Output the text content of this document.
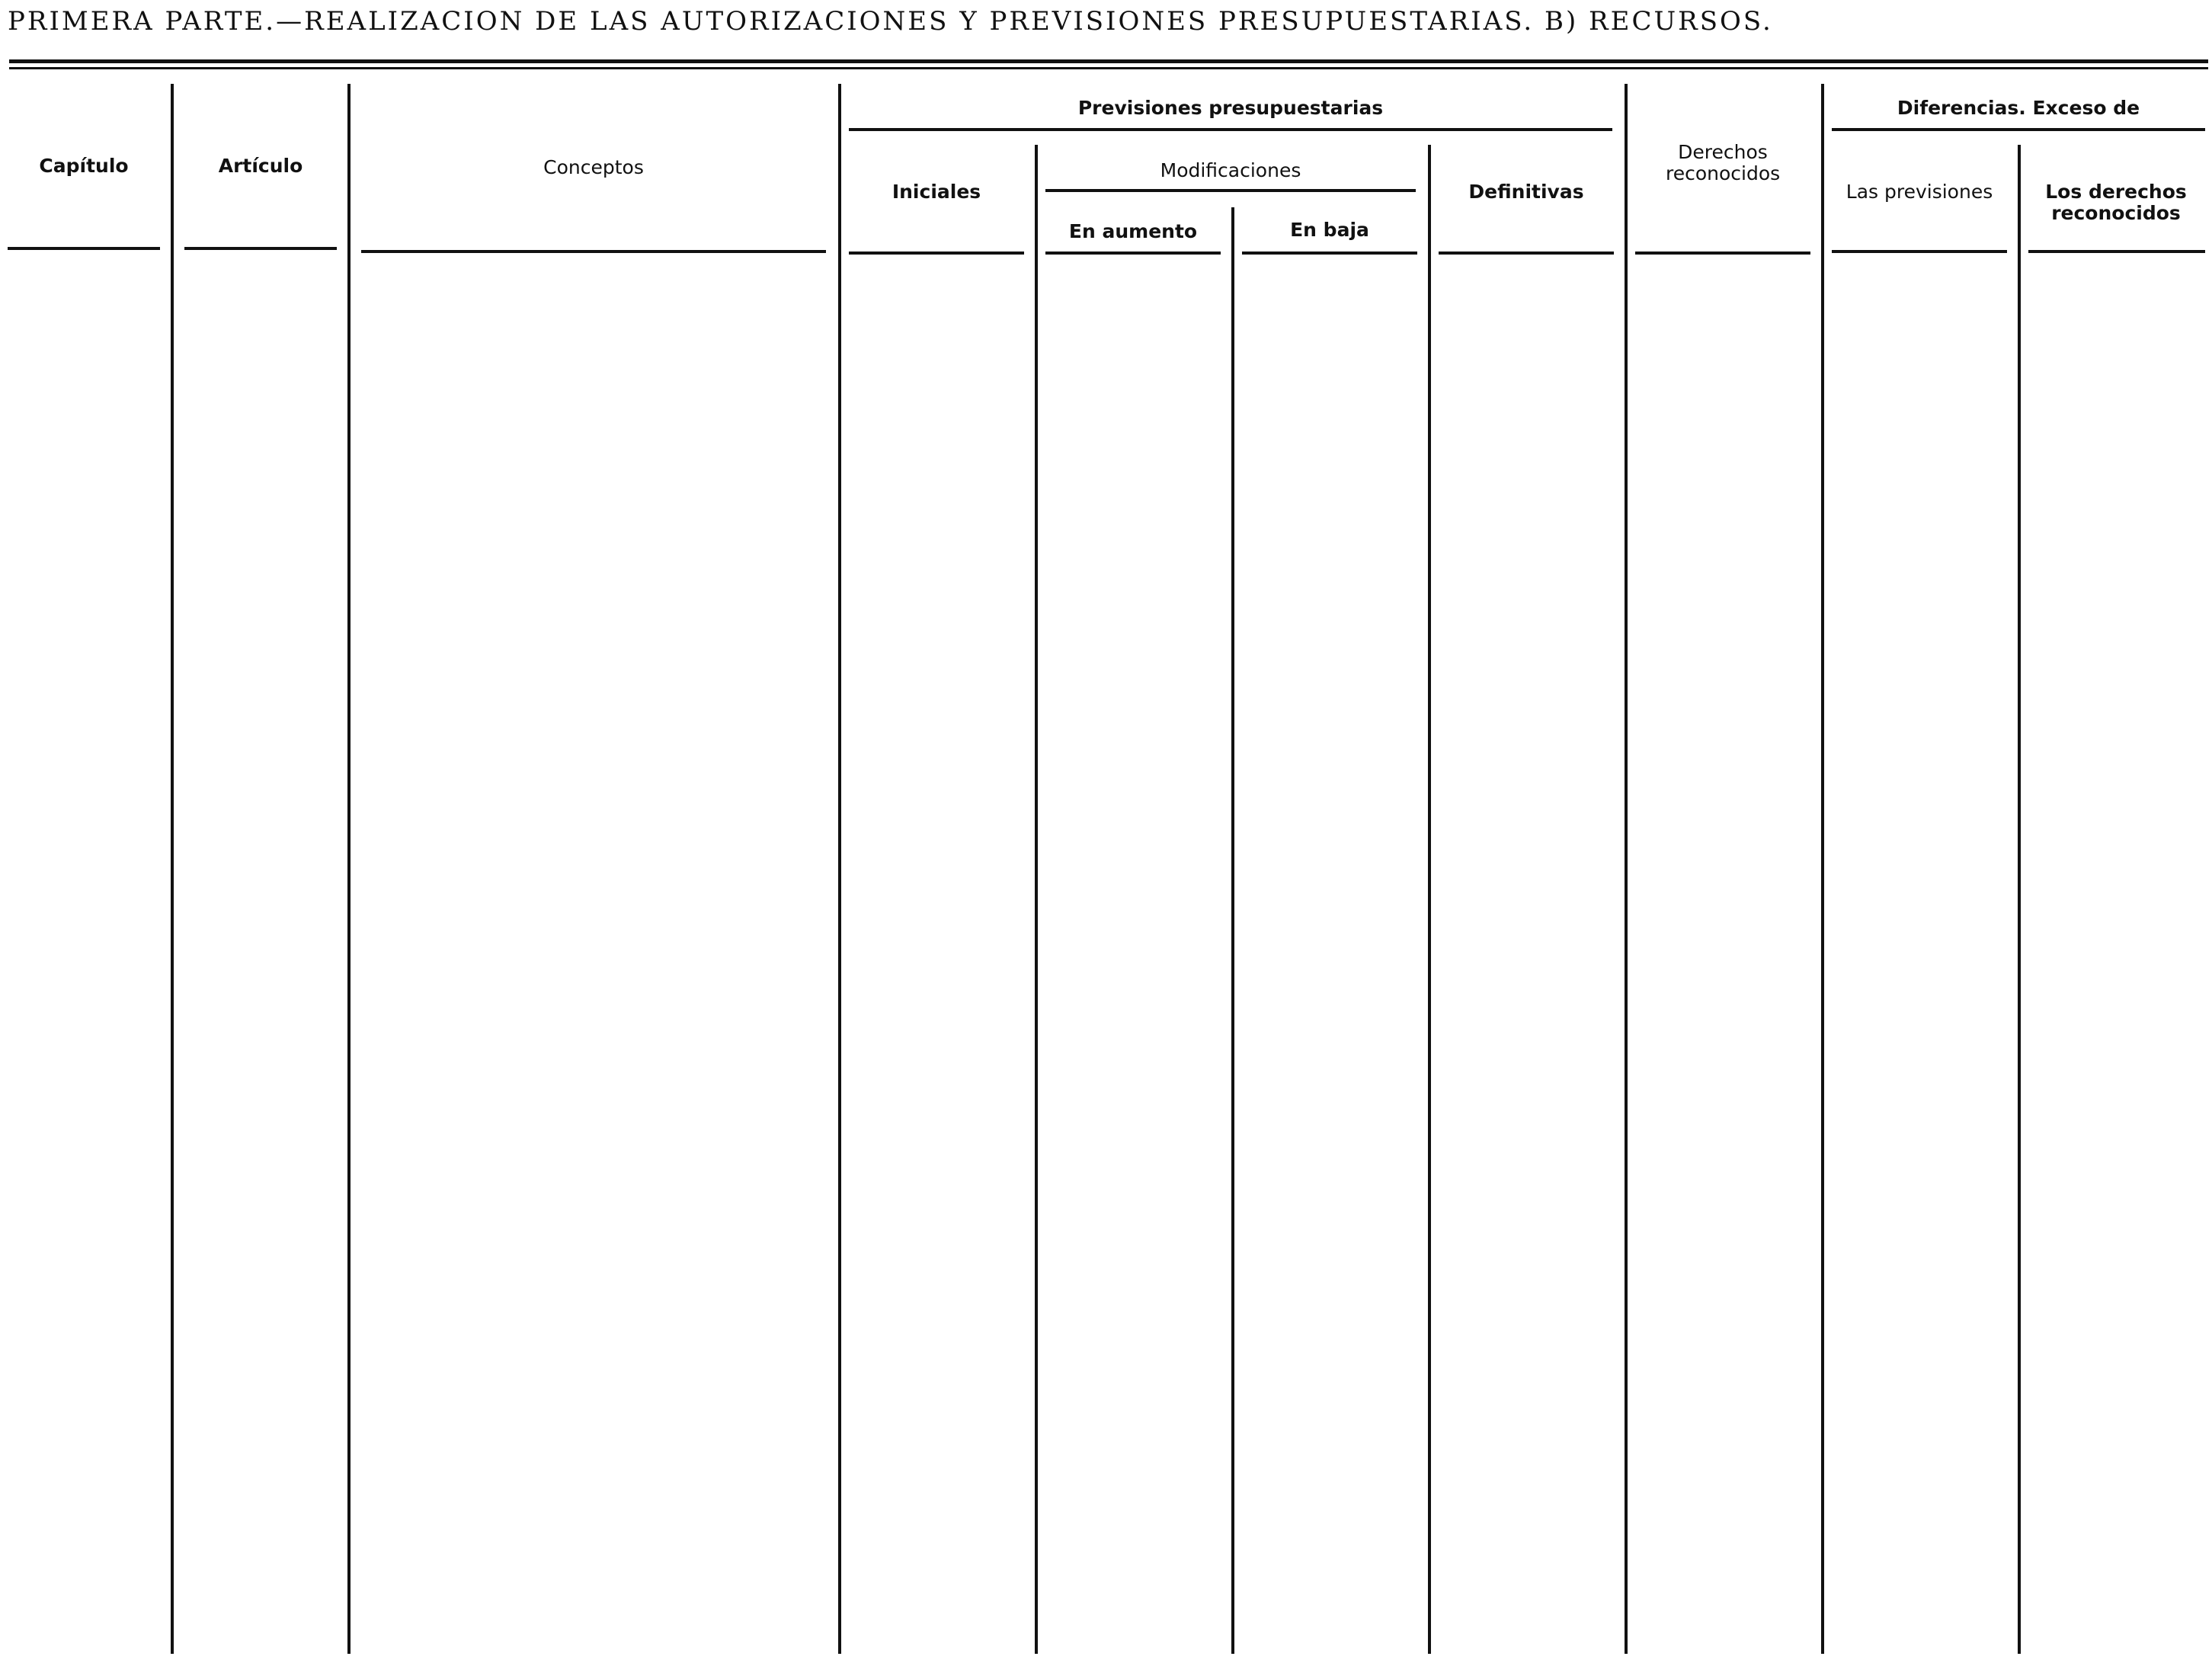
PRIMERA PARTE.—REALIZACION DE LAS AUTORIZACIONES Y PREVISIONES PRESUPUESTARIAS. B) RECURSOS.
Capítulo	Artículo	Conceptos
Previsiones presupuestarias
Iniciales
Modificaciones
En aumento	En baja
Definitivas
Derechos reconocidos
Diferencias. Exceso de
Las previsiones	Los derechos reconocidos
